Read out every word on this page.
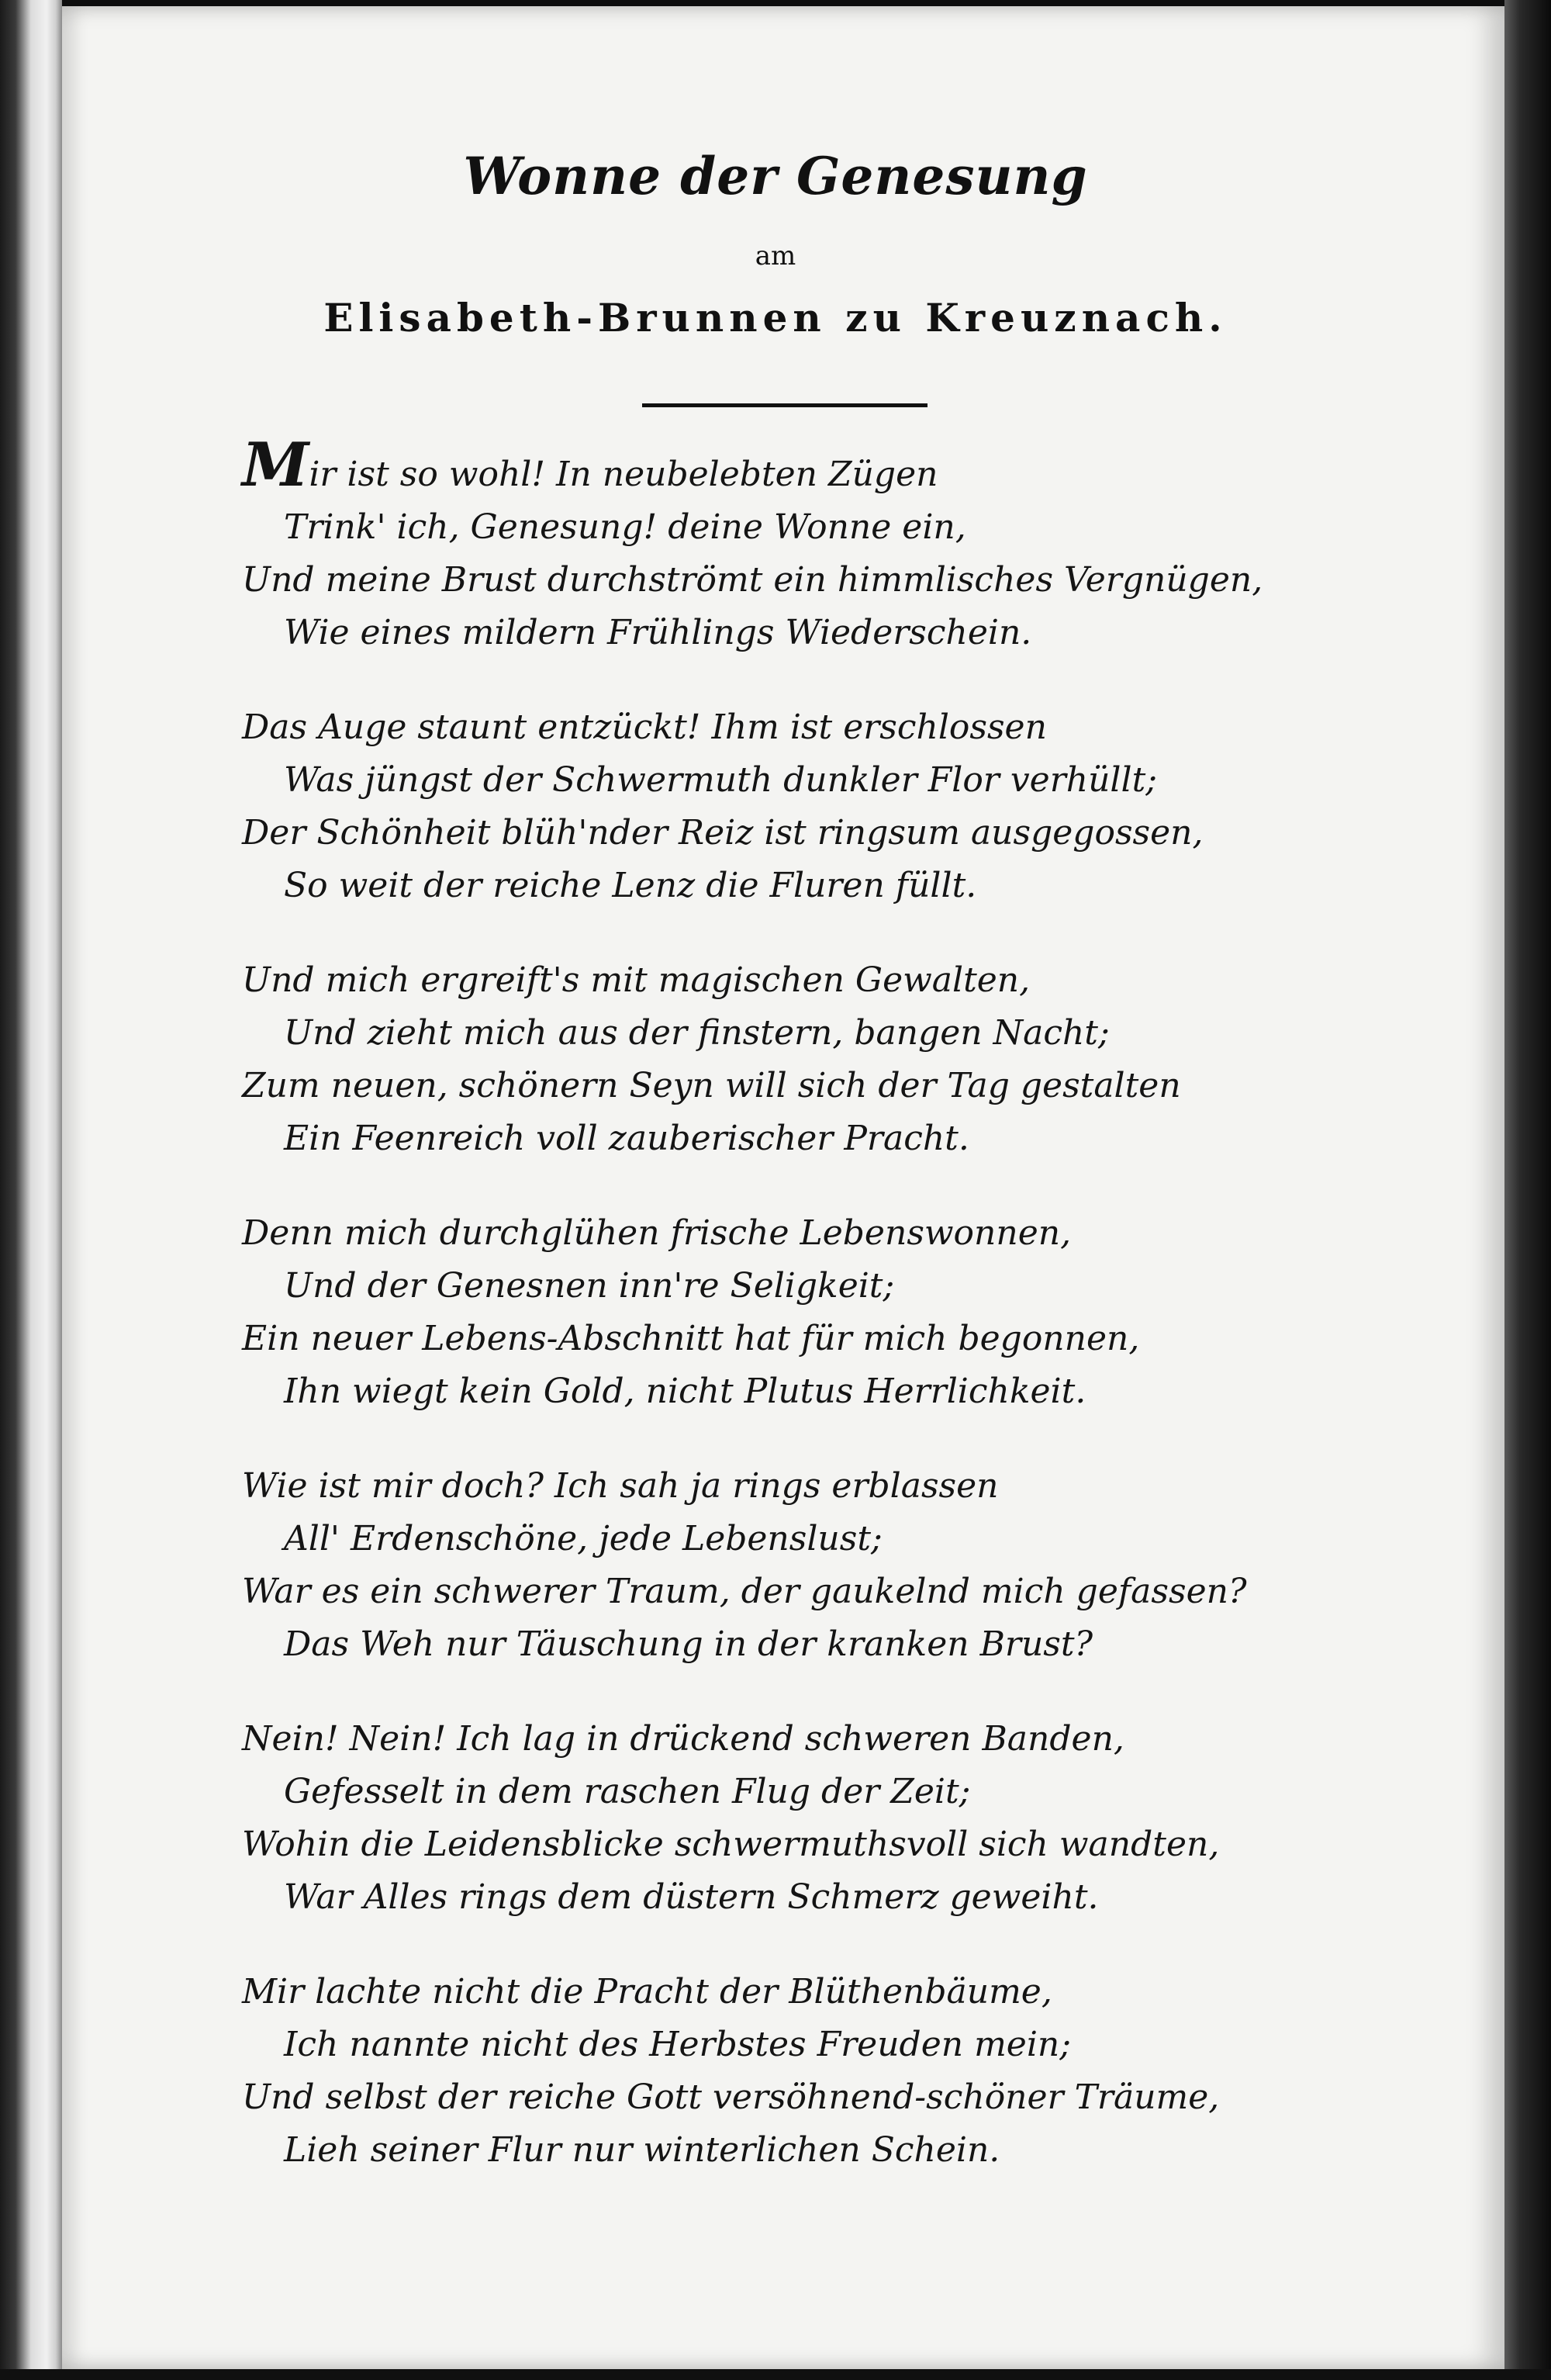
Wonne der Genesung
am
Elisabeth-Brunnen zu Kreuznach.
Mir ist so wohl! In neubelebten Zügen
Trink' ich, Genesung! deine Wonne ein,
Und meine Brust durchströmt ein himmlisches Vergnügen,
Wie eines mildern Frühlings Wiederschein.
Das Auge staunt entzückt! Ihm ist erschlossen
Was jüngst der Schwermuth dunkler Flor verhüllt;
Der Schönheit blüh'nder Reiz ist ringsum ausgegossen,
So weit der reiche Lenz die Fluren füllt.
Und mich ergreift's mit magischen Gewalten,
Und zieht mich aus der finstern, bangen Nacht;
Zum neuen, schönern Seyn will sich der Tag gestalten
Ein Feenreich voll zauberischer Pracht.
Denn mich durchglühen frische Lebenswonnen,
Und der Genesnen inn're Seligkeit;
Ein neuer Lebens-Abschnitt hat für mich begonnen,
Ihn wiegt kein Gold, nicht Plutus Herrlichkeit.
Wie ist mir doch? Ich sah ja rings erblassen
All' Erdenschöne, jede Lebenslust;
War es ein schwerer Traum, der gaukelnd mich gefassen?
Das Weh nur Täuschung in der kranken Brust?
Nein! Nein! Ich lag in drückend schweren Banden,
Gefesselt in dem raschen Flug der Zeit;
Wohin die Leidensblicke schwermuthsvoll sich wandten,
War Alles rings dem düstern Schmerz geweiht.
Mir lachte nicht die Pracht der Blüthenbäume,
Ich nannte nicht des Herbstes Freuden mein;
Und selbst der reiche Gott versöhnend-schöner Träume,
Lieh seiner Flur nur winterlichen Schein.
